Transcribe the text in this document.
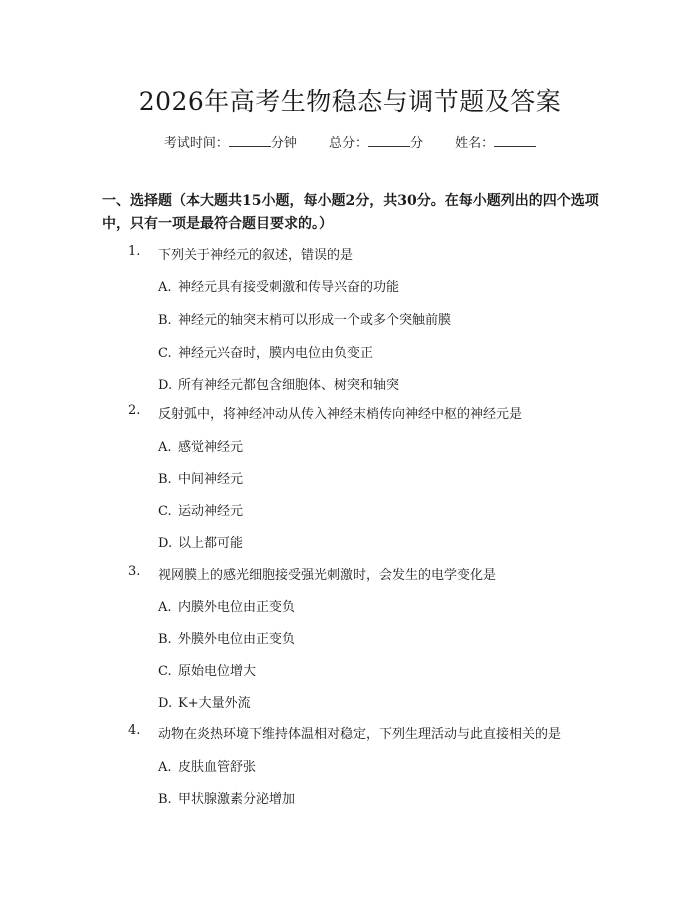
2026年高考生物稳态与调节题及答案
考试时间：	分钟 总分：	分 姓名：
一、选择题（本大题共15小题，每小题2分，共30分。在每小题列出的四个选项中，只有一项是最符合题目要求的。）
1. 下列关于神经元的叙述，错误的是
A. 神经元具有接受刺激和传导兴奋的功能
B. 神经元的轴突末梢可以形成一个或多个突触前膜
C. 神经元兴奋时，膜内电位由负变正
D. 所有神经元都包含细胞体、树突和轴突
2. 反射弧中，将神经冲动从传入神经末梢传向神经中枢的神经元是
A. 感觉神经元
B. 中间神经元
C. 运动神经元
D. 以上都可能
3. 视网膜上的感光细胞接受强光刺激时，会发生的电学变化是
A. 内膜外电位由正变负
B. 外膜外电位由正变负
C. 原始电位增大
D. K+大量外流
4. 动物在炎热环境下维持体温相对稳定，下列生理活动与此直接相关的是
A. 皮肤血管舒张
B. 甲状腺激素分泌增加
